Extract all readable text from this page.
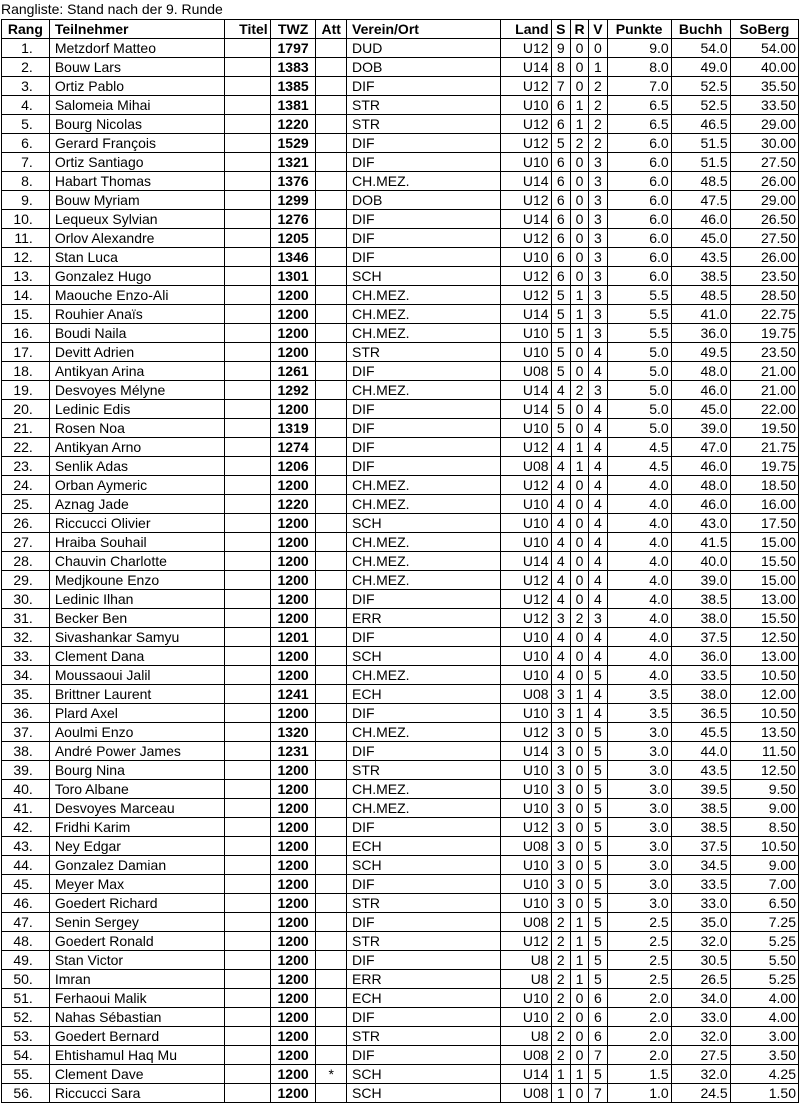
Rangliste: Stand nach der 9. Runde
Rang	Teilnehmer	Titel	TWZ	Att	Verein/Ort	Land	S	R	V	Punkte	Buchh	SoBerg
1.	Metzdorf Matteo		1797		DUD	U12	9	0	0	9.0	54.0	54.00
2.	Bouw Lars		1383		DOB	U14	8	0	1	8.0	49.0	40.00
3.	Ortiz Pablo		1385		DIF	U12	7	0	2	7.0	52.5	35.50
4.	Salomeia Mihai		1381		STR	U10	6	1	2	6.5	52.5	33.50
5.	Bourg Nicolas		1220		STR	U12	6	1	2	6.5	46.5	29.00
6.	Gerard François		1529		DIF	U12	5	2	2	6.0	51.5	30.00
7.	Ortiz Santiago		1321		DIF	U10	6	0	3	6.0	51.5	27.50
8.	Habart Thomas		1376		CH.MEZ.	U14	6	0	3	6.0	48.5	26.00
9.	Bouw Myriam		1299		DOB	U12	6	0	3	6.0	47.5	29.00
10.	Lequeux Sylvian		1276		DIF	U14	6	0	3	6.0	46.0	26.50
11.	Orlov Alexandre		1205		DIF	U12	6	0	3	6.0	45.0	27.50
12.	Stan Luca		1346		DIF	U10	6	0	3	6.0	43.5	26.00
13.	Gonzalez Hugo		1301		SCH	U12	6	0	3	6.0	38.5	23.50
14.	Maouche Enzo-Ali		1200		CH.MEZ.	U12	5	1	3	5.5	48.5	28.50
15.	Rouhier Anaïs		1200		CH.MEZ.	U14	5	1	3	5.5	41.0	22.75
16.	Boudi Naila		1200		CH.MEZ.	U10	5	1	3	5.5	36.0	19.75
17.	Devitt Adrien		1200		STR	U10	5	0	4	5.0	49.5	23.50
18.	Antikyan Arina		1261		DIF	U08	5	0	4	5.0	48.0	21.00
19.	Desvoyes Mélyne		1292		CH.MEZ.	U14	4	2	3	5.0	46.0	21.00
20.	Ledinic Edis		1200		DIF	U14	5	0	4	5.0	45.0	22.00
21.	Rosen Noa		1319		DIF	U10	5	0	4	5.0	39.0	19.50
22.	Antikyan Arno		1274		DIF	U12	4	1	4	4.5	47.0	21.75
23.	Senlik Adas		1206		DIF	U08	4	1	4	4.5	46.0	19.75
24.	Orban Aymeric		1200		CH.MEZ.	U12	4	0	4	4.0	48.0	18.50
25.	Aznag Jade		1220		CH.MEZ.	U10	4	0	4	4.0	46.0	16.00
26.	Riccucci Olivier		1200		SCH	U10	4	0	4	4.0	43.0	17.50
27.	Hraiba Souhail		1200		CH.MEZ.	U10	4	0	4	4.0	41.5	15.00
28.	Chauvin Charlotte		1200		CH.MEZ.	U14	4	0	4	4.0	40.0	15.50
29.	Medjkoune Enzo		1200		CH.MEZ.	U12	4	0	4	4.0	39.0	15.00
30.	Ledinic Ilhan		1200		DIF	U12	4	0	4	4.0	38.5	13.00
31.	Becker Ben		1200		ERR	U12	3	2	3	4.0	38.0	15.50
32.	Sivashankar Samyu		1201		DIF	U10	4	0	4	4.0	37.5	12.50
33.	Clement Dana		1200		SCH	U10	4	0	4	4.0	36.0	13.00
34.	Moussaoui Jalil		1200		CH.MEZ.	U10	4	0	5	4.0	33.5	10.50
35.	Brittner Laurent		1241		ECH	U08	3	1	4	3.5	38.0	12.00
36.	Plard Axel		1200		DIF	U10	3	1	4	3.5	36.5	10.50
37.	Aoulmi Enzo		1320		CH.MEZ.	U12	3	0	5	3.0	45.5	13.50
38.	André Power James		1231		DIF	U14	3	0	5	3.0	44.0	11.50
39.	Bourg Nina		1200		STR	U10	3	0	5	3.0	43.5	12.50
40.	Toro Albane		1200		CH.MEZ.	U10	3	0	5	3.0	39.5	9.50
41.	Desvoyes Marceau		1200		CH.MEZ.	U10	3	0	5	3.0	38.5	9.00
42.	Fridhi Karim		1200		DIF	U12	3	0	5	3.0	38.5	8.50
43.	Ney Edgar		1200		ECH	U08	3	0	5	3.0	37.5	10.50
44.	Gonzalez Damian		1200		SCH	U10	3	0	5	3.0	34.5	9.00
45.	Meyer Max		1200		DIF	U10	3	0	5	3.0	33.5	7.00
46.	Goedert Richard		1200		STR	U10	3	0	5	3.0	33.0	6.50
47.	Senin Sergey		1200		DIF	U08	2	1	5	2.5	35.0	7.25
48.	Goedert Ronald		1200		STR	U12	2	1	5	2.5	32.0	5.25
49.	Stan Victor		1200		DIF	U8	2	1	5	2.5	30.5	5.50
50.	Imran		1200		ERR	U8	2	1	5	2.5	26.5	5.25
51.	Ferhaoui Malik		1200		ECH	U10	2	0	6	2.0	34.0	4.00
52.	Nahas Sébastian		1200		DIF	U10	2	0	6	2.0	33.0	4.00
53.	Goedert Bernard		1200		STR	U8	2	0	6	2.0	32.0	3.00
54.	Ehtishamul Haq Mu		1200		DIF	U08	2	0	7	2.0	27.5	3.50
55.	Clement Dave		1200	*	SCH	U14	1	1	5	1.5	32.0	4.25
56.	Riccucci Sara		1200		SCH	U08	1	0	7	1.0	24.5	1.50
